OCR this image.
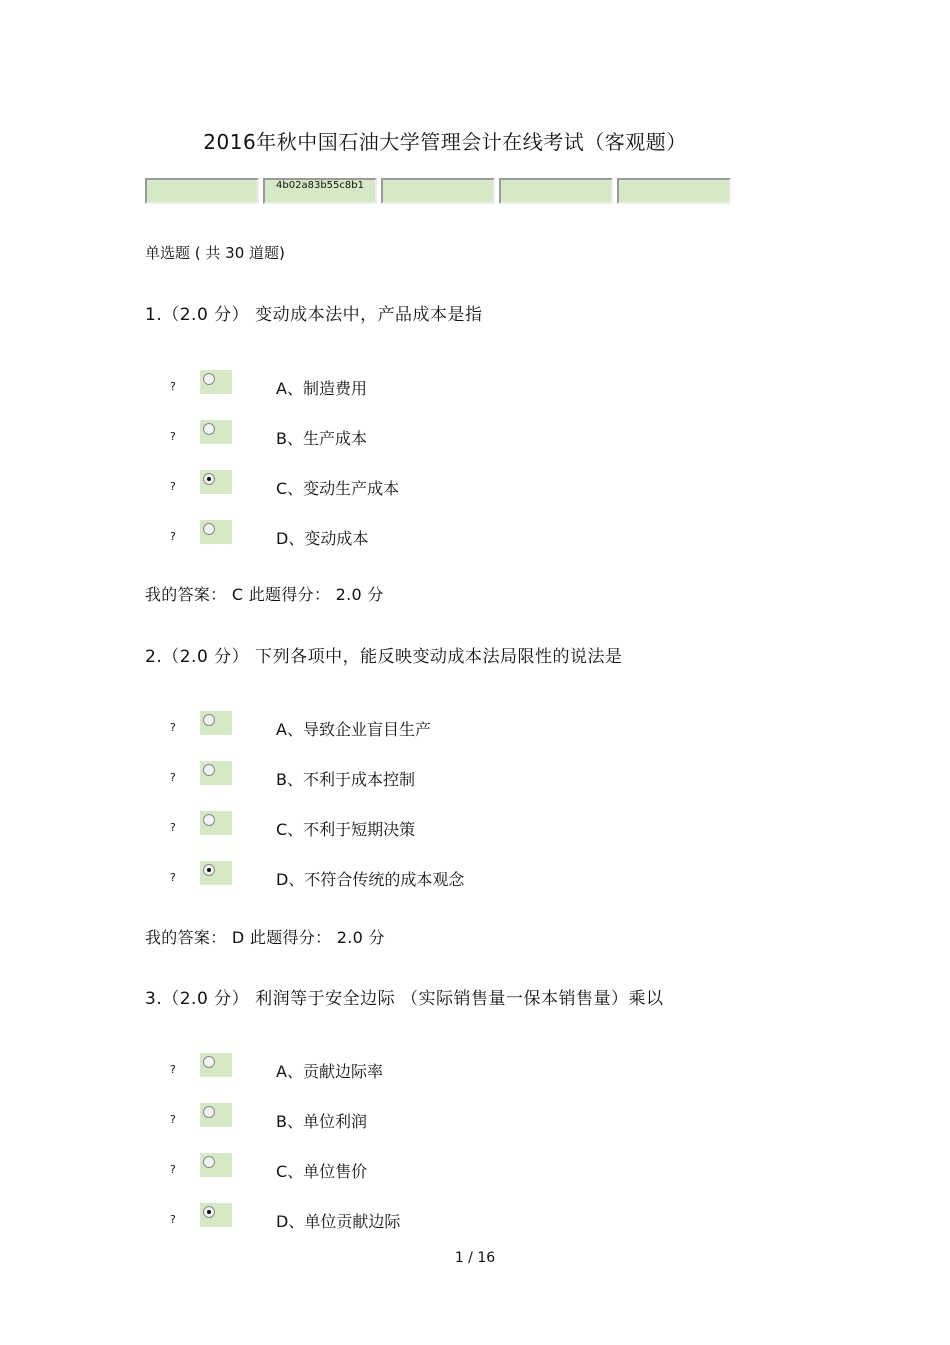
2016年秋中国石油大学管理会计在线考试（客观题）
4b02a83b55c8b1
单选题 ( 共 30 道题)
1.（2.0 分） 变动成本法中，产品成本是指
?	A、制造费用
?	B、生产成本
?	C、变动生产成本
?	D、变动成本
我的答案： C 此题得分： 2.0 分
2.（2.0 分） 下列各项中，能反映变动成本法局限性的说法是
?	A、导致企业盲目生产
?	B、不利于成本控制
?	C、不利于短期决策
?	D、不符合传统的成本观念
我的答案： D 此题得分： 2.0 分
3.（2.0 分） 利润等于安全边际 （实际销售量一保本销售量）乘以
?	A、贡献边际率
?	B、单位利润
?	C、单位售价
?	D、单位贡献边际
1 / 16
